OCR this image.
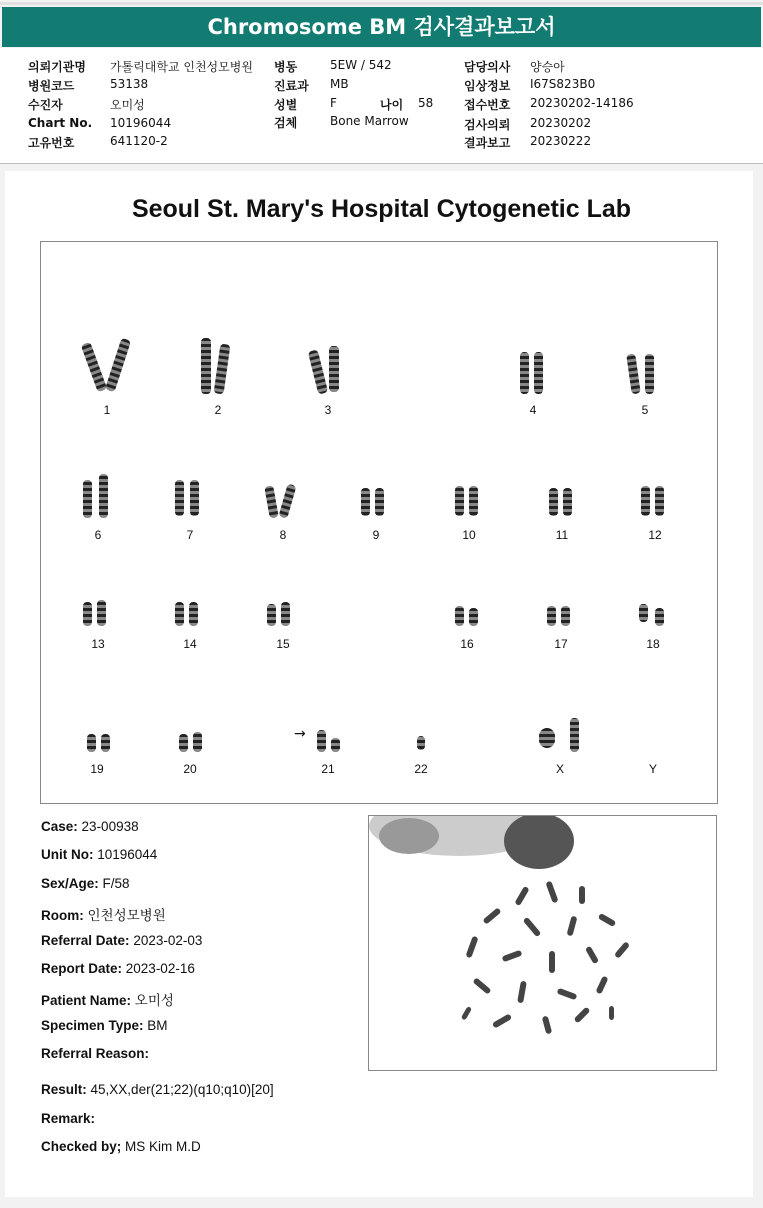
Chromosome BM 검사결과보고서
의뢰기관명 가톨릭대학교 인천성모병원
병원코드	53138
수진자	오미성
Chart No. 10196044
고유번호	641120-2
병동	5EW / 542
진료과 MB
성별	F	나이 58
검체	Bone Marrow
담당의사 양승아
임상정보 I67S823B0
접수번호 20230202-14186
검사의뢰 20230202
결과보고 20230222
Seoul St. Mary's Hospital Cytogenetic Lab
1	2	3	4	5
6	7	8	9	10	11	12
13	14	15	16	17	18
19	20	21	22	X	Y
→
Case: 23-00938
Unit No: 10196044
Sex/Age: F/58
Room: 인천성모병원
Referral Date: 2023-02-03
Report Date: 2023-02-16
Patient Name: 오미성
Specimen Type: BM
Referral Reason:
Result: 45,XX,der(21;22)(q10;q10)[20]
Remark:
Checked by; MS Kim M.D
